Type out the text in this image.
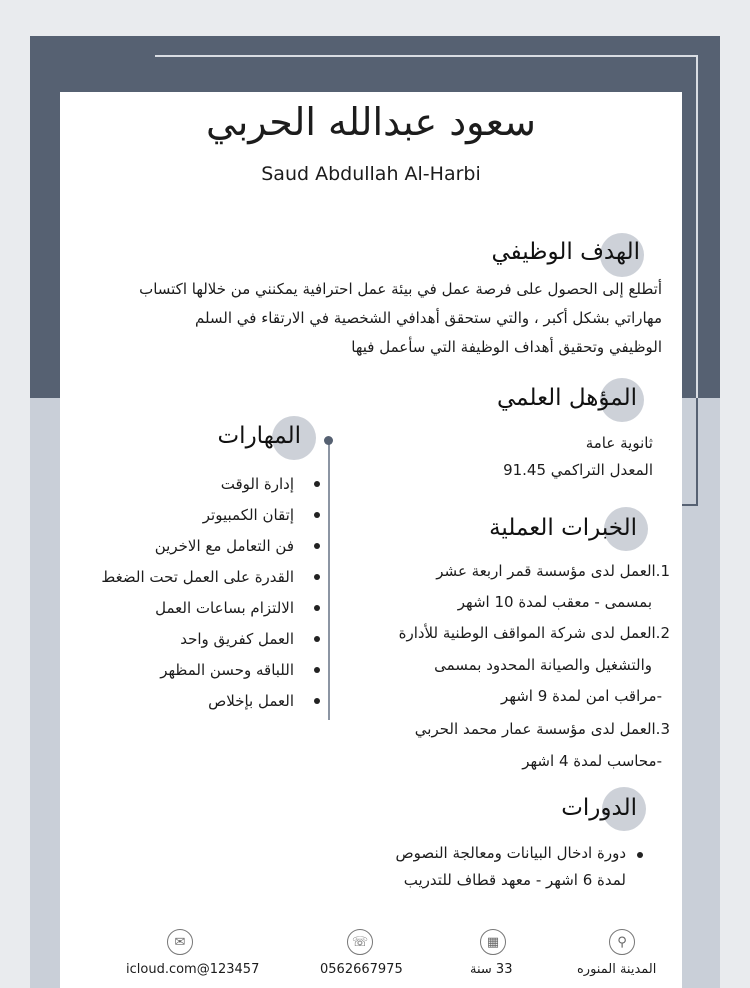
سعود عبدالله الحربي
Saud Abdullah Al-Harbi
الهدف الوظيفي
أتطلع إلى الحصول على فرصة عمل في بيئة عمل احترافية يمكنني من خلالها اكتساب
مهاراتي بشكل أكبر ، والتي ستحقق أهدافي الشخصية في الارتقاء في السلم
الوظيفي وتحقيق أهداف الوظيفة التي سأعمل فيها
المؤهل العلمي
ثانوية عامة
المعدل التراكمي 91.45
المهارات
إدارة الوقت
إتقان الكمبيوتر
فن التعامل مع الاخرين
القدرة على العمل تحت الضغط
الالتزام بساعات العمل
العمل كفريق واحد
اللباقه وحسن المظهر
العمل بإخلاص
الخبرات العملية
1.العمل لدى مؤسسة قمر اربعة عشر
بمسمى - معقب لمدة 10 اشهر
2.العمل لدى شركة المواقف الوطنية للأدارة
والتشغيل والصيانة المحدود بمسمى
-مراقب امن لمدة 9 اشهر
3.العمل لدى مؤسسة عمار محمد الحربي
-محاسب لمدة 4 اشهر
الدورات
دورة ادخال البيانات ومعالجة النصوص
لمدة 6 اشهر - معهد قطاف للتدريب
✉	☏	▦	⚲
icloud.com@123457	0562667975	33 سنة	المدينة المنوره
